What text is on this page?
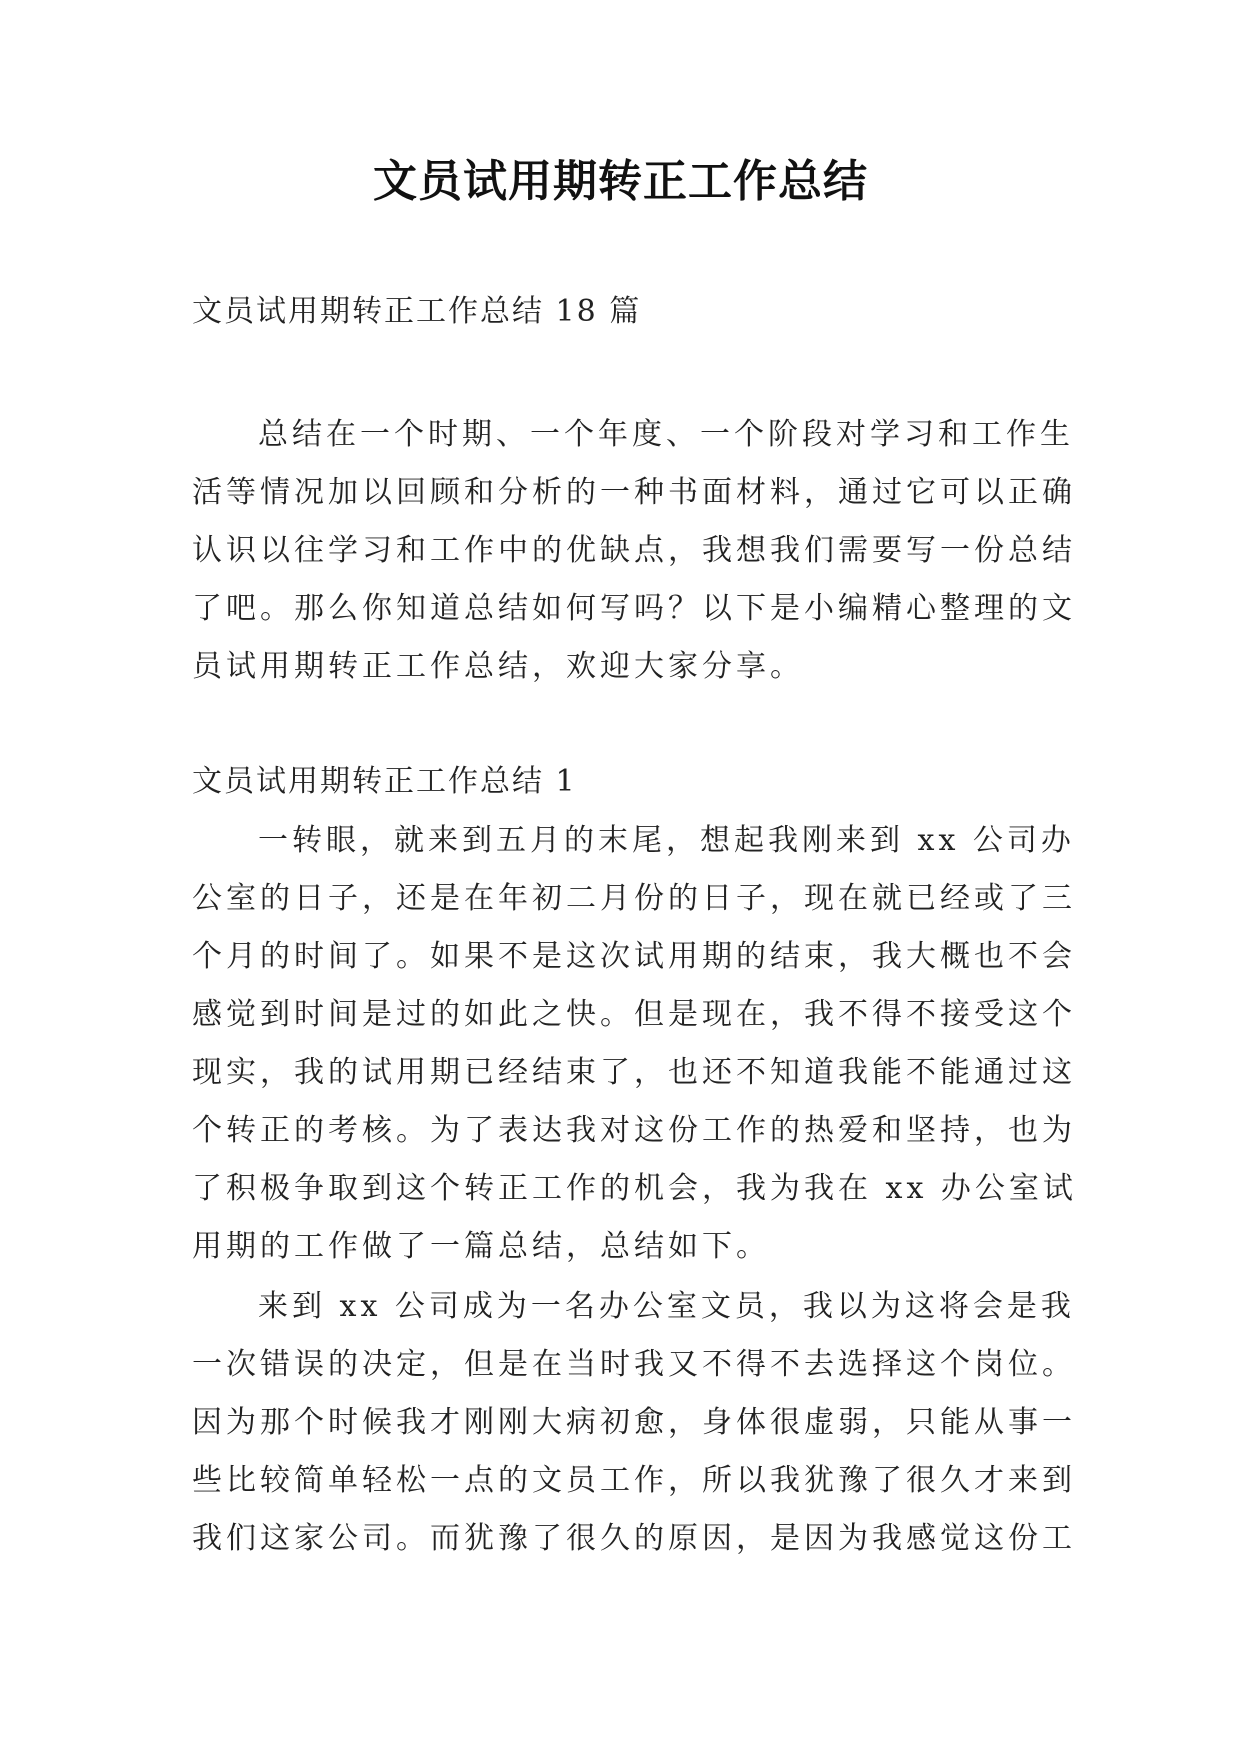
文员试用期转正工作总结
文员试用期转正工作总结 18 篇
总结在一个时期、一个年度、一个阶段对学习和工作生
活等情况加以回顾和分析的一种书面材料，通过它可以正确
认识以往学习和工作中的优缺点，我想我们需要写一份总结
了吧。那么你知道总结如何写吗？以下是小编精心整理的文
员试用期转正工作总结，欢迎大家分享。
文员试用期转正工作总结 1
一转眼，就来到五月的末尾，想起我刚来到 xx 公司办
公室的日子，还是在年初二月份的日子，现在就已经或了三
个月的时间了。如果不是这次试用期的结束，我大概也不会
感觉到时间是过的如此之快。但是现在，我不得不接受这个
现实，我的试用期已经结束了，也还不知道我能不能通过这
个转正的考核。为了表达我对这份工作的热爱和坚持，也为
了积极争取到这个转正工作的机会，我为我在 xx 办公室试
用期的工作做了一篇总结，总结如下。
来到 xx 公司成为一名办公室文员，我以为这将会是我
一次错误的决定，但是在当时我又不得不去选择这个岗位。
因为那个时候我才刚刚大病初愈，身体很虚弱，只能从事一
些比较简单轻松一点的文员工作，所以我犹豫了很久才来到
我们这家公司。而犹豫了很久的原因，是因为我感觉这份工
